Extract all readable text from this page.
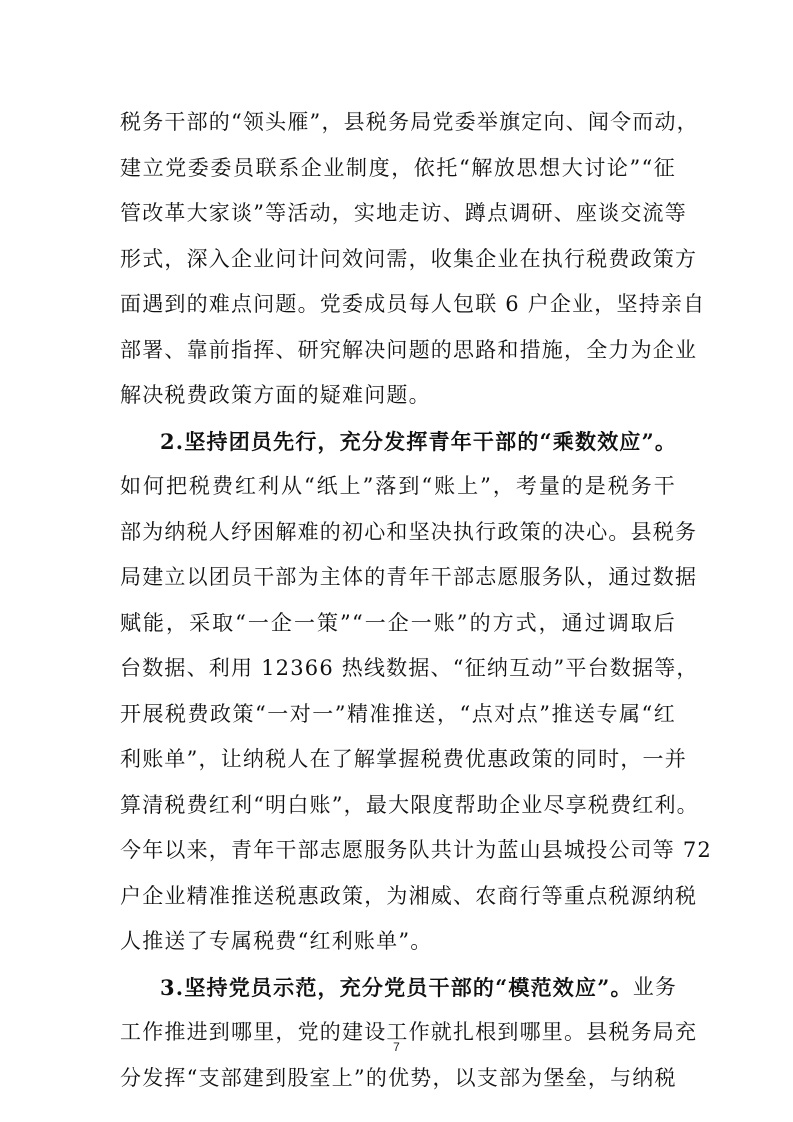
税务干部的“领头雁”，县税务局党委举旗定向、闻令而动，
建立党委委员联系企业制度，依托“解放思想大讨论”“征
管改革大家谈”等活动，实地走访、蹲点调研、座谈交流等
形式，深入企业问计问效问需，收集企业在执行税费政策方
面遇到的难点问题。党委成员每人包联 6 户企业，坚持亲自
部署、靠前指挥、研究解决问题的思路和措施，全力为企业
解决税费政策方面的疑难问题。
2.坚持团员先行，充分发挥青年干部的“乘数效应”。
如何把税费红利从“纸上”落到“账上”，考量的是税务干
部为纳税人纾困解难的初心和坚决执行政策的决心。县税务
局建立以团员干部为主体的青年干部志愿服务队，通过数据
赋能，采取“一企一策”“一企一账”的方式，通过调取后
台数据、利用 12366 热线数据、“征纳互动”平台数据等，
开展税费政策“一对一”精准推送，“点对点”推送专属“红
利账单”，让纳税人在了解掌握税费优惠政策的同时，一并
算清税费红利“明白账”，最大限度帮助企业尽享税费红利。
今年以来，青年干部志愿服务队共计为蓝山县城投公司等 72
户企业精准推送税惠政策，为湘威、农商行等重点税源纳税
人推送了专属税费“红利账单”。
3.坚持党员示范，充分党员干部的“模范效应”。 业务
工作推进到哪里，党的建设工作就扎根到哪里。县税务局充
分发挥“支部建到股室上”的优势，以支部为堡垒，与纳税
7
